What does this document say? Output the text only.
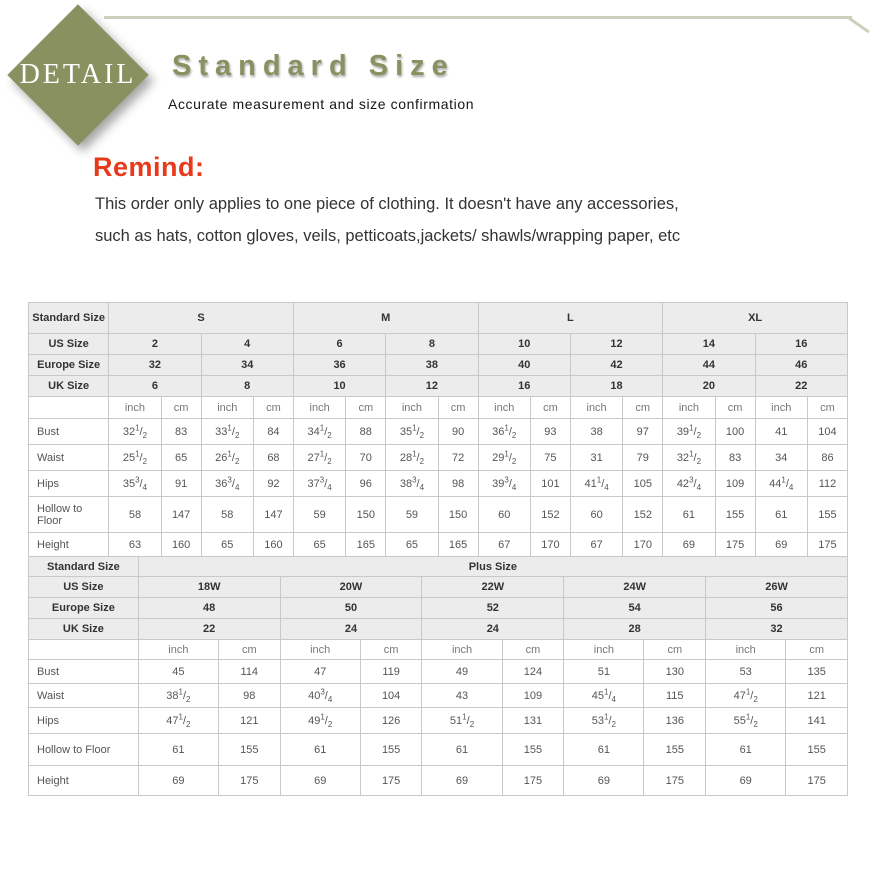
DETAIL	Standard Size

Accurate measurement and size confirmation

Remind:

This order only applies to one piece of clothing. It doesn't have any accessories,

such as hats, cotton gloves, veils, petticoats,jackets/ shawls/wrapping paper, etc

Standard Size	S				M				L				XL			
US Size	2		4		6		8		10		12		14		16	
Europe Size	32		34		36		38		40		42		44		46	
UK Size	6		8		10		12		16		18		20		22	
	inch	cm	inch	cm	inch	cm	inch	cm	inch	cm	inch	cm	inch	cm	inch	cm
Bust	$32^1/_2$	83	$33^1/_2$	84	$34^1/_2$	88	$35^1/_2$	90	$36^1/_2$	93	38	97	$39^1/_2$	100	41	104
Waist	$25^1/_2$	65	$26^1/_2$	68	$27^1/_2$	70	$28^1/_2$	72	$29^1/_2$	75	31	79	$32^1/_2$	83	34	86
Hips	$35^3/_4$	91	$36^3/_4$	92	$37^3/_4$	96	$38^3/_4$	98	$39^3/_4$	101	$41^1/_4$	105	$42^3/_4$	109	$44^1/_4$	112
Hollow to Floor	58	147	58	147	59	150	59	150	60	152	60	152	61	155	61	155
Height	63	160	65	160	65	165	65	165	67	170	67	170	69	175	69	175
Standard Size	Plus Size									
US Size	18W		20W		22W		24W		26W	
Europe Size	48		50		52		54		56	
UK Size	22		24		24		28		32	
	inch	cm	inch	cm	inch	cm	inch	cm	inch	cm
Bust	45	114	47	119	49	124	51	130	53	135
Waist	$38^1/_2$	98	$40^3/_4$	104	43	109	$45^1/_4$	115	$47^1/_2$	121
Hips	$47^1/_2$	121	$49^1/_2$	126	$51^1/_2$	131	$53^1/_2$	136	$55^1/_2$	141
Hollow to Floor	61	155	61	155	61	155	61	155	61	155
Height	69	175	69	175	69	175	69	175	69	175
